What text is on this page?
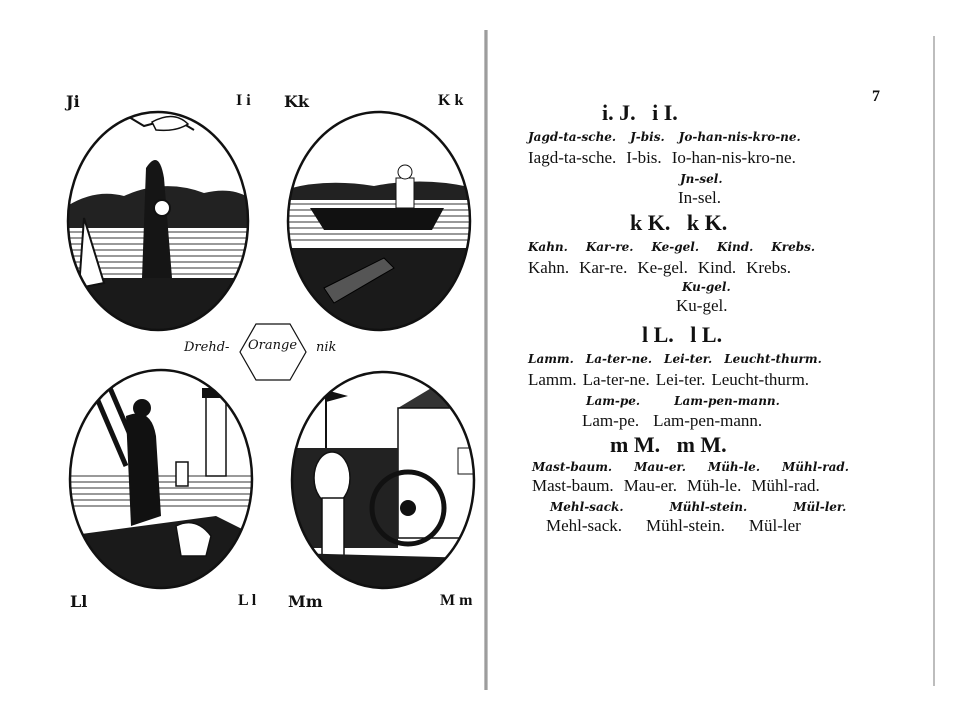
Ji	I i Kk	K k
Ll	L l Mm	M m
Drehd- Orange nik
7
i. J. i I.
Jagd-ta-sche. J-bis. Jo-han-nis-kro-ne.
Iagd-ta-sche. I-bis. Io-han-nis-kro-ne.
Jn-sel.
In-sel.
k K. k K.
Kahn. Kar-re. Ke-gel. Kind. Krebs.
Kahn. Kar-re. Ke-gel. Kind. Krebs.
Ku-gel.
Ku-gel.
l L. l L.
Lamm. La-ter-ne. Lei-ter. Leucht-thurm.
Lamm. La-ter-ne. Lei-ter. Leucht-thurm.
Lam-pe.	Lam-pen-mann.
Lam-pe. Lam-pen-mann.
m M. m M.
Mast-baum. Mau-er. Müh-le. Mühl-rad.
Mast-baum. Mau-er. Müh-le. Mühl-rad.
Mehl-sack.	Mühl-stein.	Mül-ler.
Mehl-sack. Mühl-stein. Mül-ler
